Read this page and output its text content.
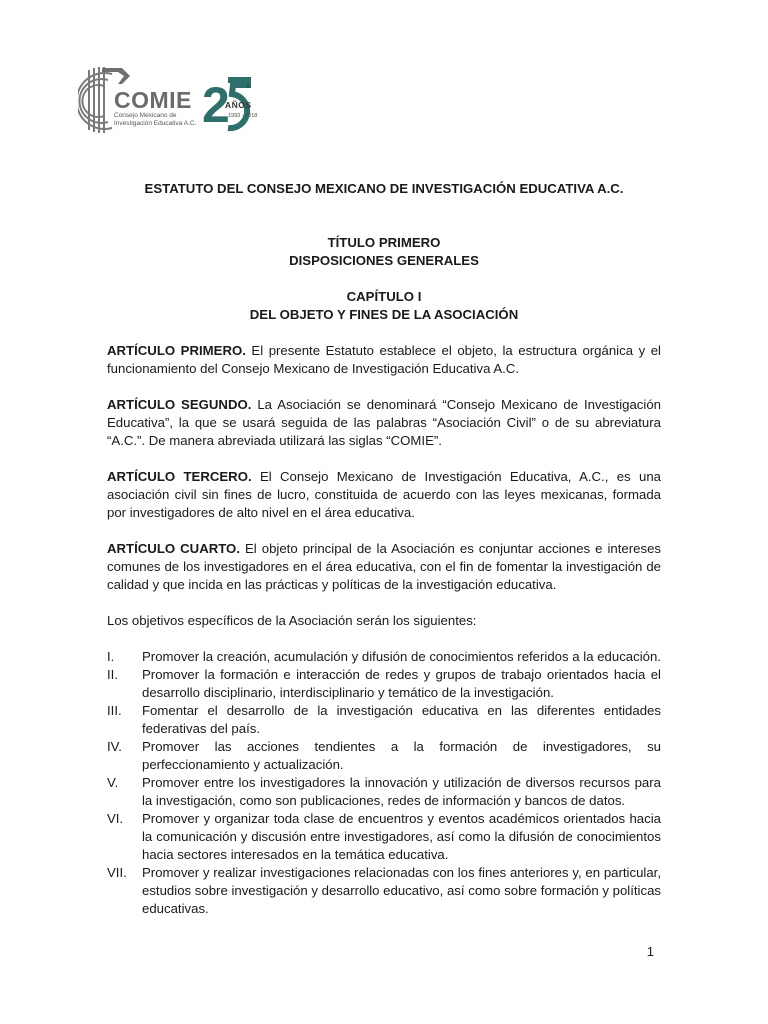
2
COMIE
Consejo Mexicano de
Investigación Educativa A.C.
®
AÑOS
1993 - 2018

ESTATUTO DEL CONSEJO MEXICANO DE INVESTIGACIÓN EDUCATIVA A.C.

TÍTULO PRIMERO

DISPOSICIONES GENERALES

CAPÍTULO I

DEL OBJETO Y FINES DE LA ASOCIACIÓN

ARTÍCULO PRIMERO. El presente Estatuto establece el objeto, la estructura orgánica y el funcionamiento del Consejo Mexicano de Investigación Educativa A.C.

ARTÍCULO SEGUNDO. La Asociación se denominará “Consejo Mexicano de Investigación Educativa”, la que se usará seguida de las palabras “Asociación Civil” o de su abreviatura “A.C.”. De manera abreviada utilizará las siglas “COMIE”.

ARTÍCULO TERCERO. El Consejo Mexicano de Investigación Educativa, A.C., es una asociación civil sin fines de lucro, constituida de acuerdo con las leyes mexicanas, formada por investigadores de alto nivel en el área educativa.

ARTÍCULO CUARTO. El objeto principal de la Asociación es conjuntar acciones e intereses comunes de los investigadores en el área educativa, con el fin de fomentar la investigación de calidad y que incida en las prácticas y políticas de la investigación educativa.

Los objetivos específicos de la Asociación serán los siguientes:

I. Promover la creación, acumulación y difusión de conocimientos referidos a la educación.
II. Promover la formación e interacción de redes y grupos de trabajo orientados hacia el desarrollo disciplinario, interdisciplinario y temático de la investigación.
III. Fomentar el desarrollo de la investigación educativa en las diferentes entidades federativas del país.
IV. Promover las acciones tendientes a la formación de investigadores, su perfeccionamiento y actualización.
V. Promover entre los investigadores la innovación y utilización de diversos recursos para la investigación, como son publicaciones, redes de información y bancos de datos.
VI. Promover y organizar toda clase de encuentros y eventos académicos orientados hacia la comunicación y discusión entre investigadores, así como la difusión de conocimientos hacia sectores interesados en la temática educativa.
VII. Promover y realizar investigaciones relacionadas con los fines anteriores y, en particular, estudios sobre investigación y desarrollo educativo, así como sobre formación y políticas educativas.
1
